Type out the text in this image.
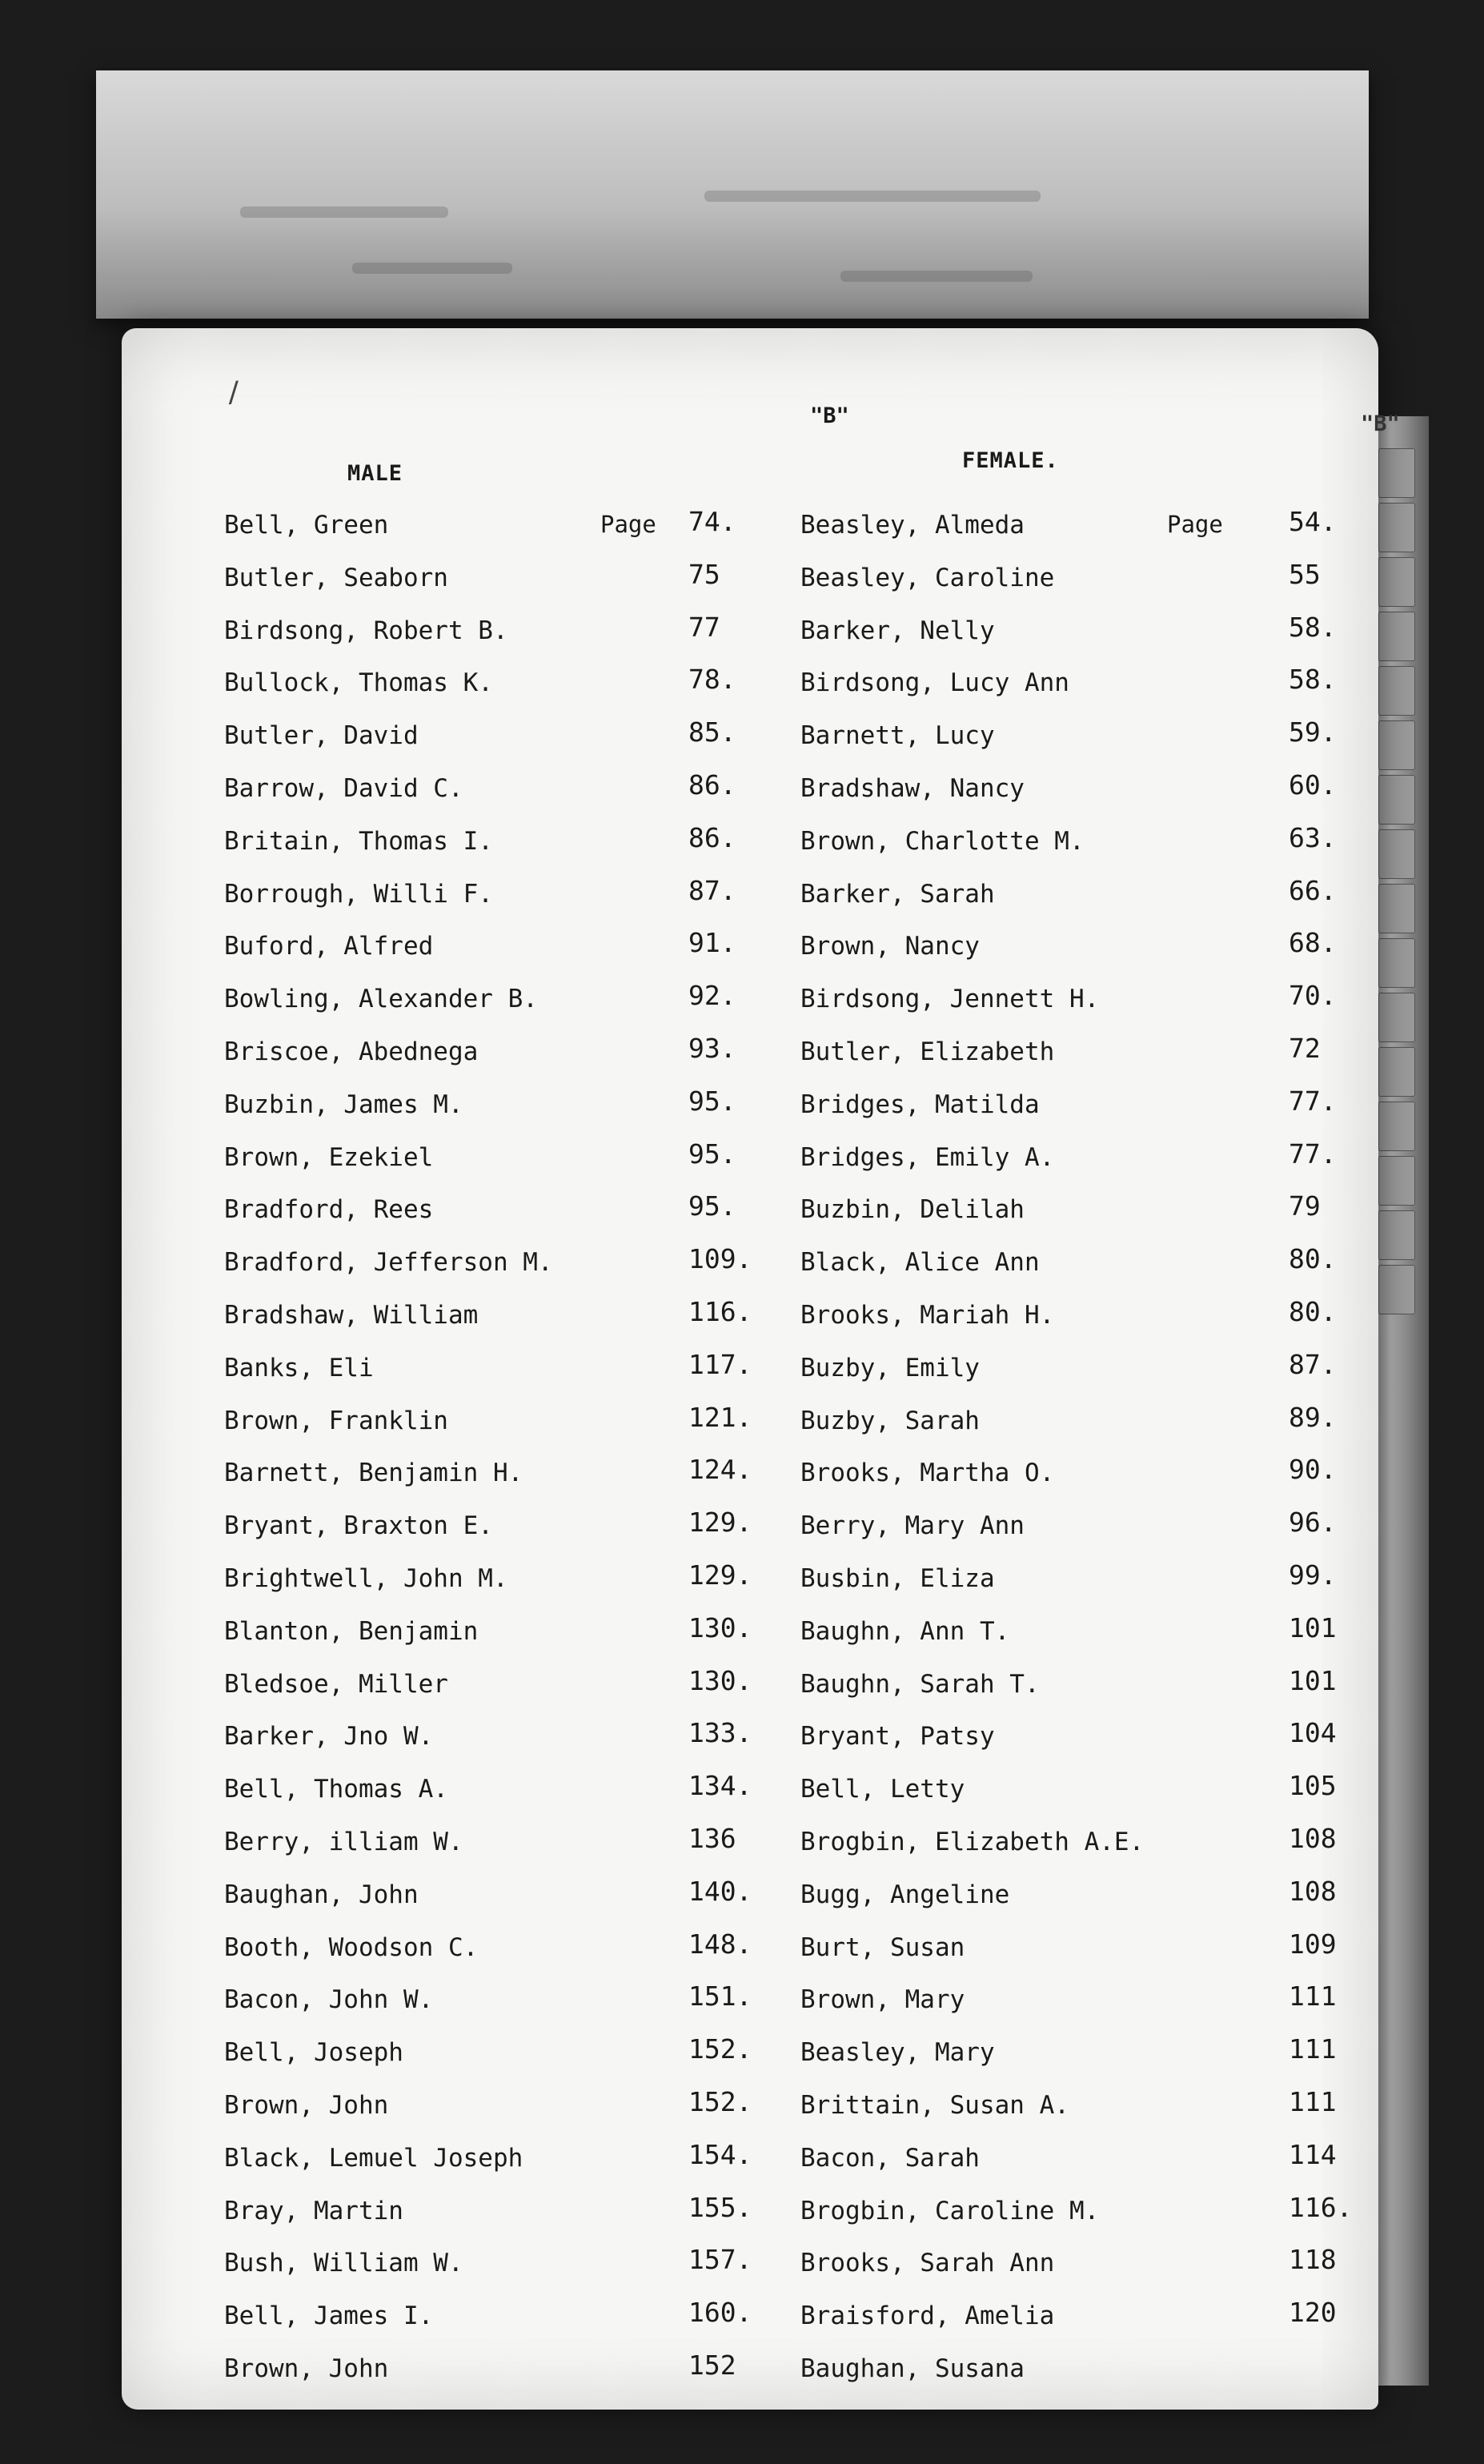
/
"B"	"B"
MALE
FEMALE.
Bell, Green	Page 74.
Butler, Seaborn	75
Birdsong, Robert B.	77
Bullock, Thomas K.	78.
Butler, David	85.
Barrow, David C.	86.
Britain, Thomas I.	86.
Borrough, Willi F.	87.
Buford, Alfred	91.
Bowling, Alexander B.	92.
Briscoe, Abednega	93.
Buzbin, James M.	95.
Brown, Ezekiel	95.
Bradford, Rees	95.
Bradford, Jefferson M.	109.
Bradshaw, William	116.
Banks, Eli	117.
Brown, Franklin	121.
Barnett, Benjamin H.	124.
Bryant, Braxton E.	129.
Brightwell, John M.	129.
Blanton, Benjamin	130.
Bledsoe, Miller	130.
Barker, Jno W.	133.
Bell, Thomas A.	134.
Berry, illiam W.	136
Baughan, John	140.
Booth, Woodson C.	148.
Bacon, John W.	151.
Bell, Joseph	152.
Brown, John	152.
Black, Lemuel Joseph	154.
Bray, Martin	155.
Bush, William W.	157.
Bell, James I.	160.
Brown, John	152
Beasley, Almeda	Page 54.
Beasley, Caroline	55
Barker, Nelly	58.
Birdsong, Lucy Ann	58.
Barnett, Lucy	59.
Bradshaw, Nancy	60.
Brown, Charlotte M.	63.
Barker, Sarah	66.
Brown, Nancy	68.
Birdsong, Jennett H.	70.
Butler, Elizabeth	72
Bridges, Matilda	77.
Bridges, Emily A.	77.
Buzbin, Delilah	79
Black, Alice Ann	80.
Brooks, Mariah H.	80.
Buzby, Emily	87.
Buzby, Sarah	89.
Brooks, Martha O.	90.
Berry, Mary Ann	96.
Busbin, Eliza	99.
Baughn, Ann T.	101
Baughn, Sarah T.	101
Bryant, Patsy	104
Bell, Letty	105
Brogbin, Elizabeth A.E.	108
Bugg, Angeline	108
Burt, Susan	109
Brown, Mary	111
Beasley, Mary	111
Brittain, Susan A.	111
Bacon, Sarah	114
Brogbin, Caroline M.	116.
Brooks, Sarah Ann	118
Braisford, Amelia	120
Baughan, Susana
